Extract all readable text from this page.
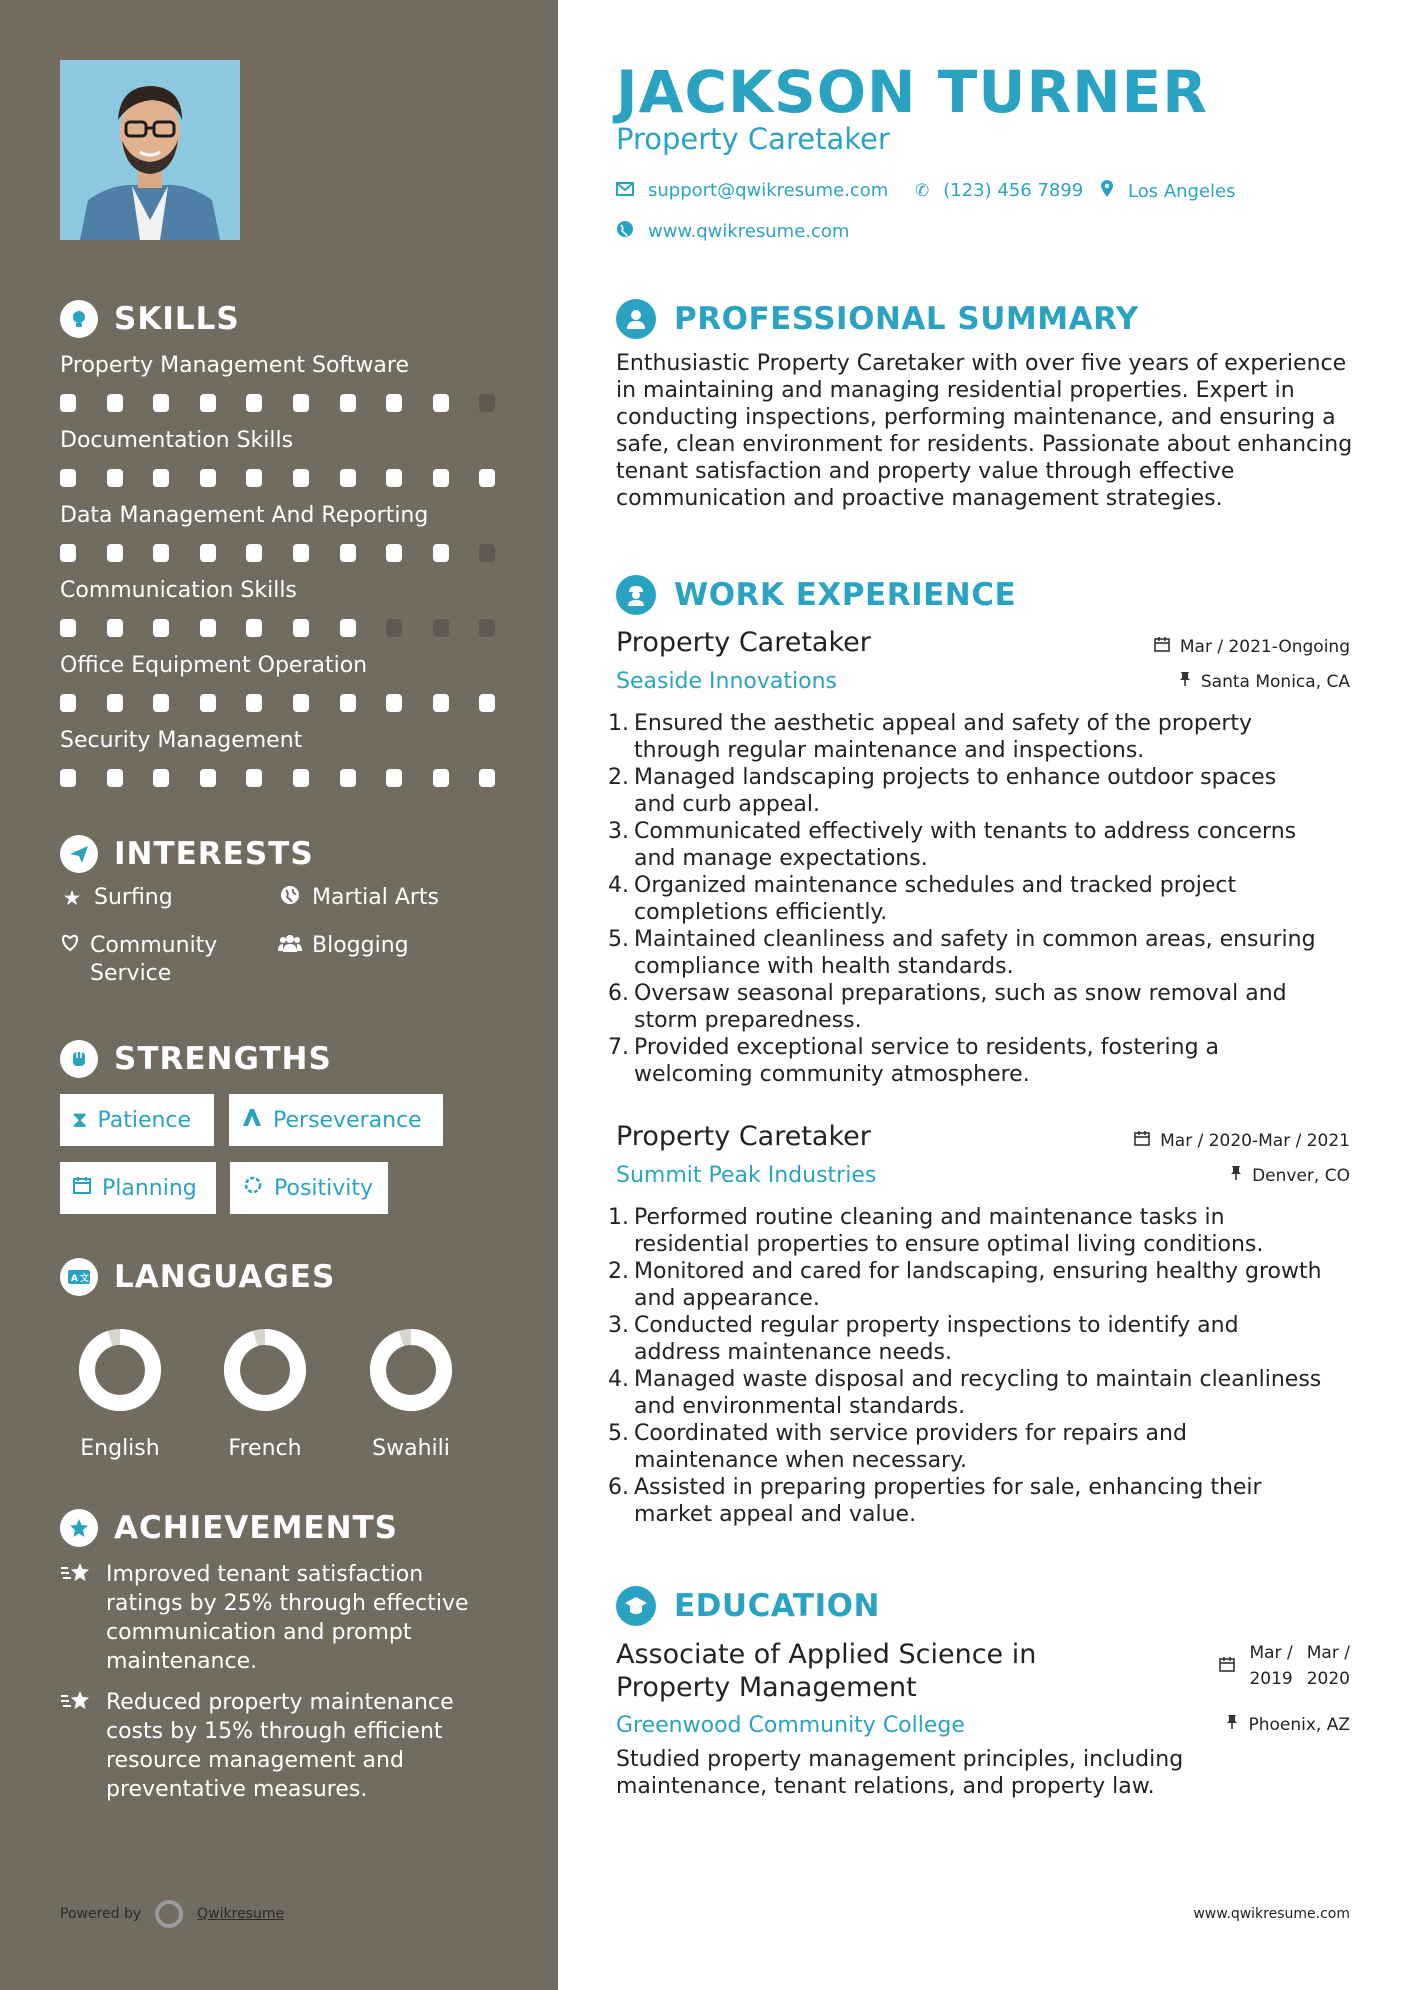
SKILLS
Property Management Software
Documentation Skills
Data Management And Reporting
Communication Skills
Office Equipment Operation
Security Management
INTERESTS
★ Surfing	Martial Arts
Community Service
Blogging
STRENGTHS
⧗ Patience	Perseverance
Planning	Positivity
A 文 LANGUAGES
English	French	Swahili
ACHIEVEMENTS
Improved tenant satisfaction ratings by 25% through effective communication and prompt maintenance.
Reduced property maintenance costs by 15% through efficient resource management and preventative measures.
Powered by	Qwikresume
JACKSON TURNER
Property Caretaker
support@qwikresume.com ✆ (123) 456 7899 Los Angeles
www.qwikresume.com
PROFESSIONAL SUMMARY
Enthusiastic Property Caretaker with over five years of experience in maintaining and managing residential properties. Expert in conducting inspections, performing maintenance, and ensuring a safe, clean environment for residents. Passionate about enhancing tenant satisfaction and property value through effective communication and proactive management strategies.
WORK EXPERIENCE
Property Caretaker
Seaside Innovations
Mar / 2021-Ongoing
Santa Monica, CA
1. Ensured the aesthetic appeal and safety of the property
through regular maintenance and inspections.
2. Managed landscaping projects to enhance outdoor spaces
and curb appeal.
3. Communicated effectively with tenants to address concerns
and manage expectations.
4. Organized maintenance schedules and tracked project
completions efficiently.
5. Maintained cleanliness and safety in common areas, ensuring
compliance with health standards.
6. Oversaw seasonal preparations, such as snow removal and
storm preparedness.
7. Provided exceptional service to residents, fostering a
welcoming community atmosphere.
Property Caretaker
Summit Peak Industries
Mar / 2020-Mar / 2021
Denver, CO
1. Performed routine cleaning and maintenance tasks in
residential properties to ensure optimal living conditions.
2. Monitored and cared for landscaping, ensuring healthy growth
and appearance.
3. Conducted regular property inspections to identify and
address maintenance needs.
4. Managed waste disposal and recycling to maintain cleanliness
and environmental standards.
5. Coordinated with service providers for repairs and
maintenance when necessary.
6. Assisted in preparing properties for sale, enhancing their
market appeal and value.
EDUCATION
Associate of Applied Science in
Property Management
Greenwood Community College
Mar /
2019
Mar /
2020
Phoenix, AZ
Studied property management principles, including maintenance, tenant relations, and property law.
www.qwikresume.com
